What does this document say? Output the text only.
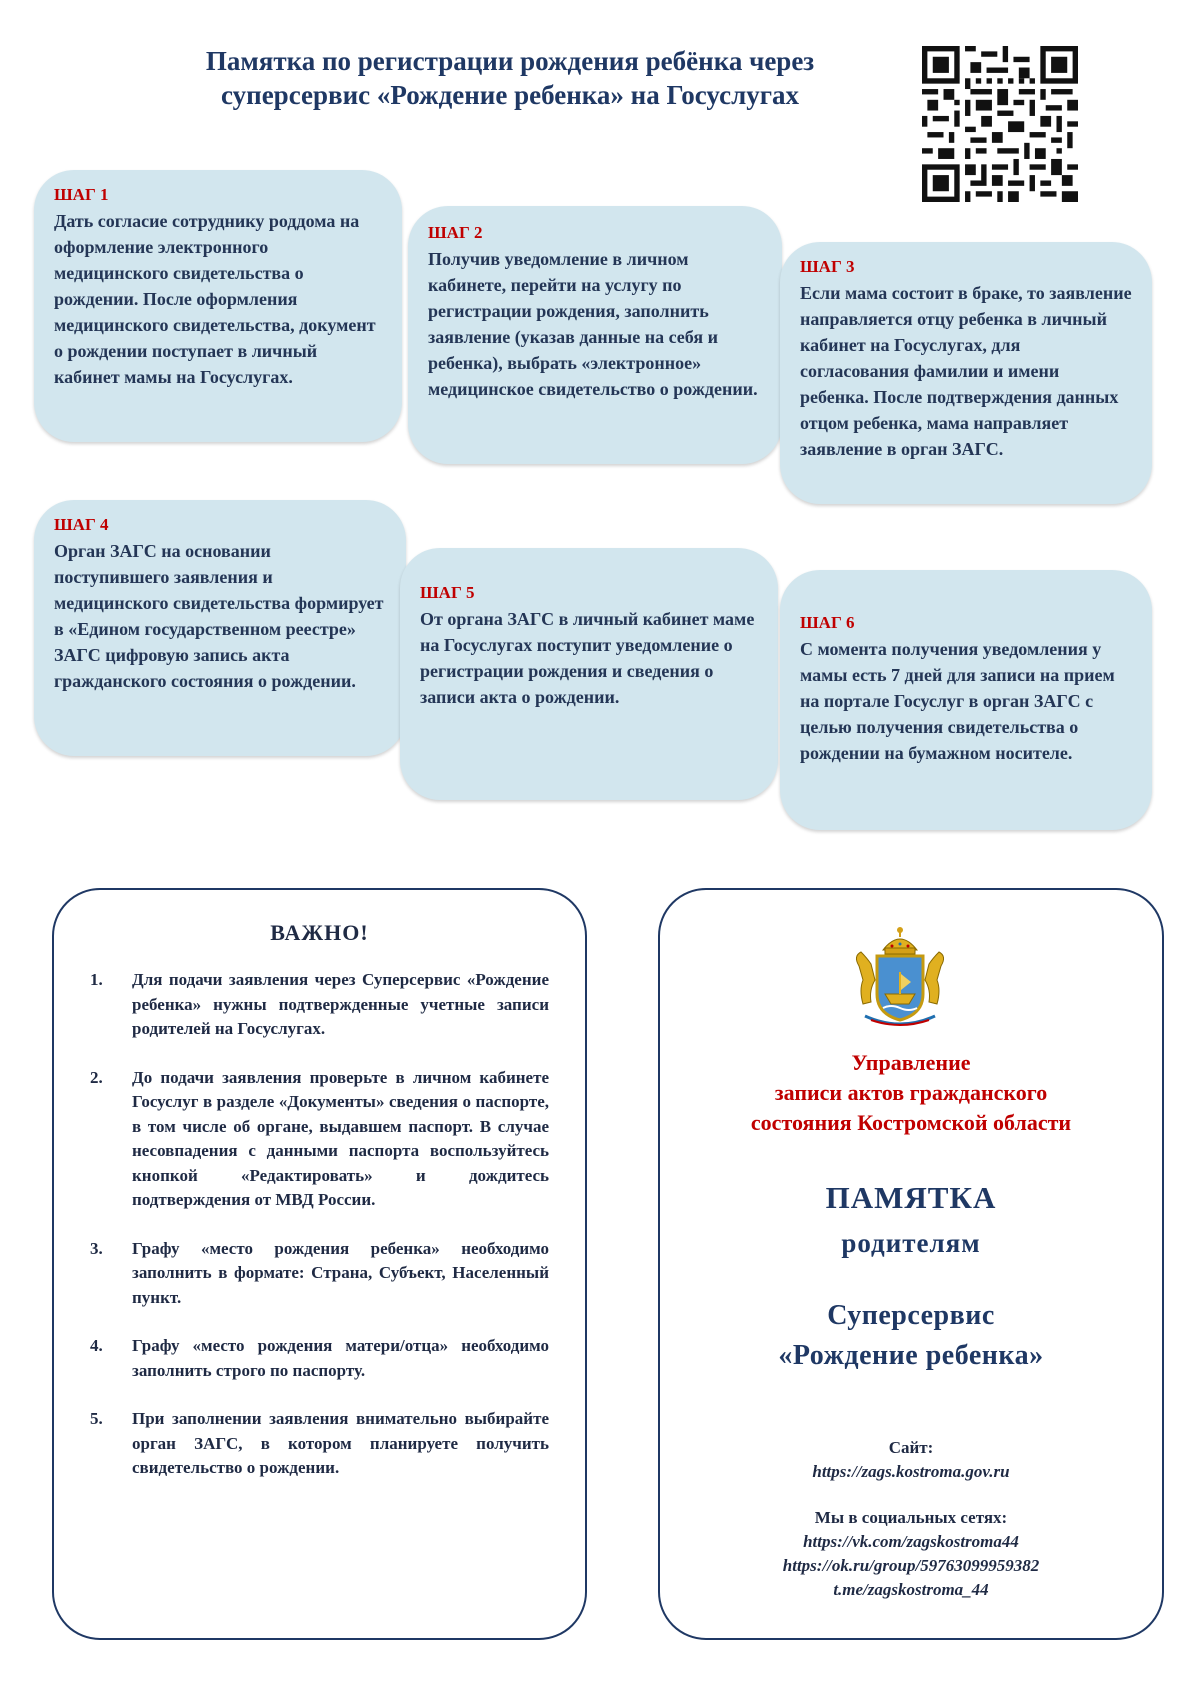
Памятка по регистрации рождения ребёнка через
суперсервис «Рождение ребенка» на Госуслугах
ШАГ 1
Дать согласие сотруднику роддома на оформление электронного медицинского свидетельства о рождении. После оформления медицинского свидетельства, документ о рождении поступает в личный кабинет мамы на Госуслугах.
ШАГ 2
Получив уведомление в личном кабинете, перейти на услугу по регистрации рождения, заполнить заявление (указав данные на себя и ребенка), выбрать «электронное» медицинское свидетельство о рождении.
ШАГ 3
Если мама состоит в браке, то заявление направляется отцу ребенка в личный кабинет на Госуслугах, для согласования фамилии и имени ребенка. После подтверждения данных отцом ребенка, мама направляет заявление в орган ЗАГС.
ШАГ 4
Орган ЗАГС на основании поступившего заявления и медицинского свидетельства формирует в «Едином государственном реестре» ЗАГС цифровую запись акта гражданского состояния о рождении.
ШАГ 5
От органа ЗАГС в личный кабинет маме на Госуслугах поступит уведомление о регистрации рождения и сведения о записи акта о рождении.
ШАГ 6
С момента получения уведомления у мамы есть 7 дней для записи на прием на портале Госуслуг в орган ЗАГС с целью получения свидетельства о рождении на бумажном носителе.
ВАЖНО!
1. Для подачи заявления через Суперсервис «Рождение ребенка» нужны подтвержденные учетные записи родителей на Госуслугах.
2. До подачи заявления проверьте в личном кабинете Госуслуг в разделе «Документы» сведения о паспорте, в том числе об органе, выдавшем паспорт. В случае несовпадения с данными паспорта воспользуйтесь кнопкой «Редактировать» и дождитесь подтверждения от МВД России.
3. Графу «место рождения ребенка» необходимо заполнить в формате: Страна, Субъект, Населенный пункт.
4. Графу «место рождения матери/отца» необходимо заполнить строго по паспорту.
5. При заполнении заявления внимательно выбирайте орган ЗАГС, в котором планируете получить свидетельство о рождении.
Управление
записи актов гражданского
состояния Костромской области
ПАМЯТКА
родителям
Суперсервис
«Рождение ребенка»
Сайт:
https://zags.kostroma.gov.ru
Мы в социальных сетях:
https://vk.com/zagskostroma44
https://ok.ru/group/59763099959382
t.me/zagskostroma_44
